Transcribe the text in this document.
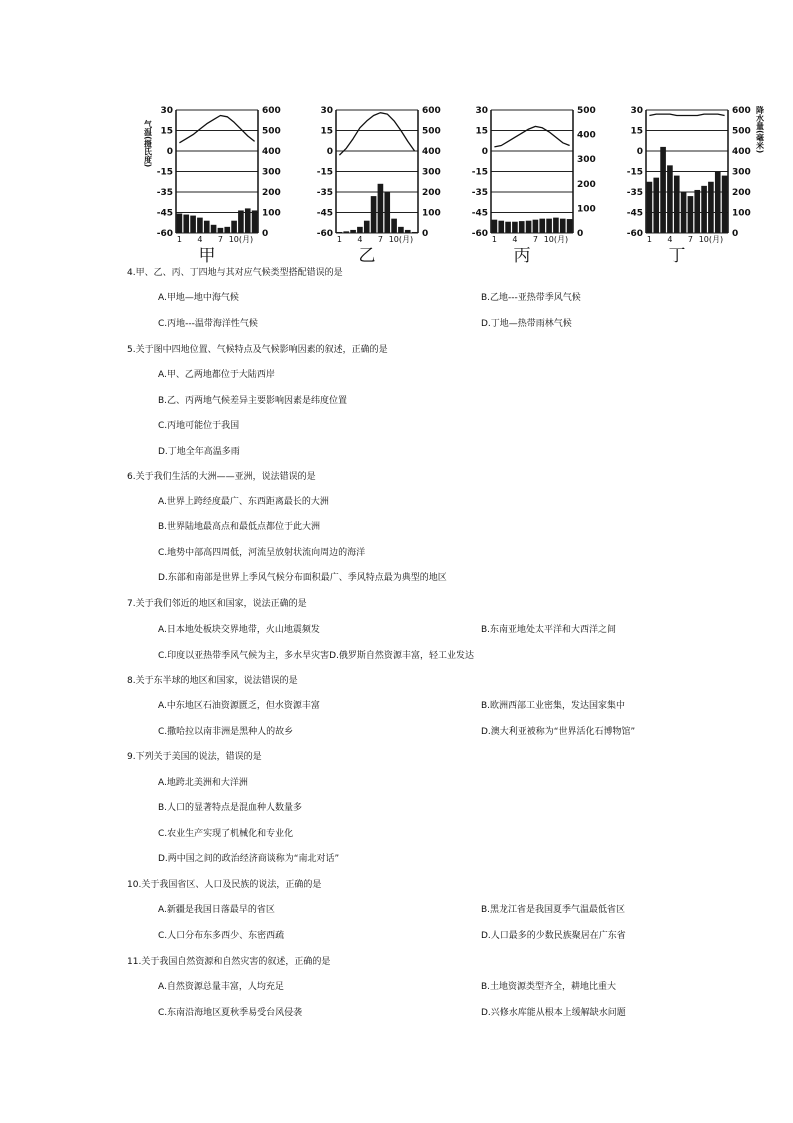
30
15
0
-15
-35
-45
-60
600
500
400
300
200
100
0
1 4 7 10(月)
甲
气温(摄氏度)
30
15
0
-15
-35
-45
-60
600
500
400
300
200
100
0
1 4 7 10(月)
乙
30
15
0
-15
-35
-45
-60
500
400
300
200
100
0
1 4 7 10(月)
丙
30
15
0
-15
-35
-45
-60
600
500
400
300
200
100
0
1 4 7 10(月)
丁
降水量(毫米)
4.甲、乙、丙、丁四地与其对应气候类型搭配错误的是
A.甲地—地中海气候	B.乙地---亚热带季风气候
C.丙地---温带海洋性气候	D.丁地—热带雨林气候
5.关于图中四地位置、气候特点及气候影响因素的叙述，正确的是
A.甲、乙两地都位于大陆西岸
B.乙、丙两地气候差异主要影响因素是纬度位置
C.丙地可能位于我国
D.丁地全年高温多雨
6.关于我们生活的大洲——亚洲，说法错误的是
A.世界上跨经度最广、东西距离最长的大洲
B.世界陆地最高点和最低点都位于此大洲
C.地势中部高四周低，河流呈放射状流向周边的海洋
D.东部和南部是世界上季风气候分布面积最广、季风特点最为典型的地区
7.关于我们邻近的地区和国家，说法正确的是
A.日本地处板块交界地带，火山地震频发	B.东南亚地处太平洋和大西洋之间
C.印度以亚热带季风气候为主，多水旱灾害D.俄罗斯自然资源丰富，轻工业发达
8.关于东半球的地区和国家，说法错误的是
A.中东地区石油资源匮乏，但水资源丰富	B.欧洲西部工业密集，发达国家集中
C.撒哈拉以南非洲是黑种人的故乡	D.澳大利亚被称为“世界活化石博物馆”
9.下列关于美国的说法，错误的是
A.地跨北美洲和大洋洲
B.人口的显著特点是混血种人数量多
C.农业生产实现了机械化和专业化
D.两中国之间的政治经济商谈称为“南北对话”
10.关于我国省区、人口及民族的说法，正确的是
A.新疆是我国日落最早的省区	B.黑龙江省是我国夏季气温最低省区
C.人口分布东多西少、东密西疏	D.人口最多的少数民族聚居在广东省
11.关于我国自然资源和自然灾害的叙述，正确的是
A.自然资源总量丰富，人均充足	B.土地资源类型齐全，耕地比重大
C.东南沿海地区夏秋季易受台风侵袭	D.兴修水库能从根本上缓解缺水问题
